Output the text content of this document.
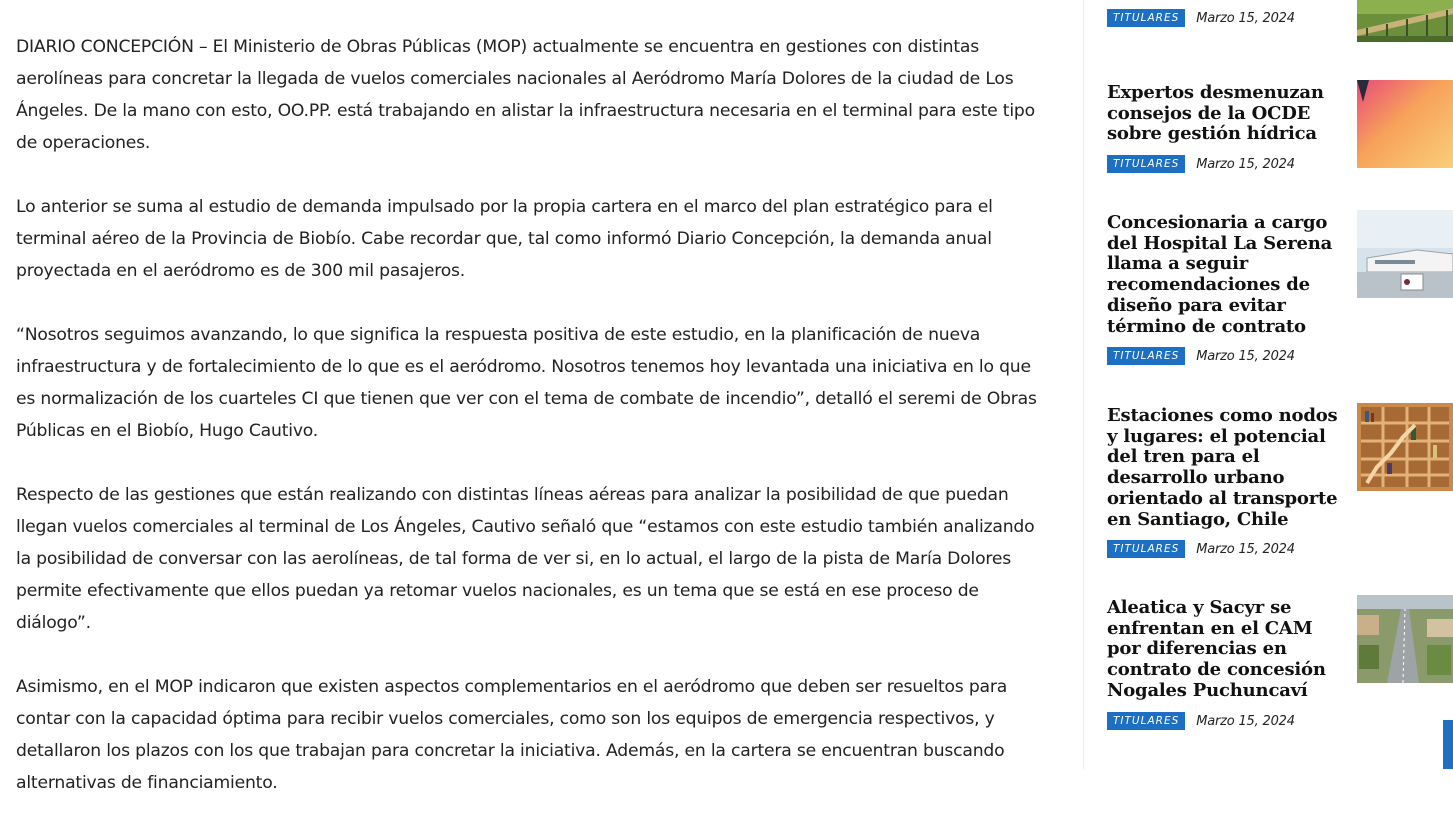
DIARIO CONCEPCIÓN – El Ministerio de Obras Públicas (MOP) actualmente se encuentra en gestiones con distintas aerolíneas para concretar la llegada de vuelos comerciales nacionales al Aeródromo María Dolores de la ciudad de Los Ángeles. De la mano con esto, OO.PP. está trabajando en alistar la infraestructura necesaria en el terminal para este tipo de operaciones.

Lo anterior se suma al estudio de demanda impulsado por la propia cartera en el marco del plan estratégico para el terminal aéreo de la Provincia de Biobío. Cabe recordar que, tal como informó Diario Concepción, la demanda anual proyectada en el aeródromo es de 300 mil pasajeros.

“Nosotros seguimos avanzando, lo que significa la respuesta positiva de este estudio, en la planificación de nueva infraestructura y de fortalecimiento de lo que es el aeródromo. Nosotros tenemos hoy levantada una iniciativa en lo que es normalización de los cuarteles CI que tienen que ver con el tema de combate de incendio”, detalló el seremi de Obras Públicas en el Biobío, Hugo Cautivo.

Respecto de las gestiones que están realizando con distintas líneas aéreas para analizar la posibilidad de que puedan llegan vuelos comerciales al terminal de Los Ángeles, Cautivo señaló que “estamos con este estudio también analizando la posibilidad de conversar con las aerolíneas, de tal forma de ver si, en lo actual, el largo de la pista de María Dolores permite efectivamente que ellos puedan ya retomar vuelos nacionales, es un tema que se está en ese proceso de diálogo”.

Asimismo, en el MOP indicaron que existen aspectos complementarios en el aeródromo que deben ser resueltos para contar con la capacidad óptima para recibir vuelos comerciales, como son los equipos de emergencia respectivos, y detallaron los plazos con los que trabajan para concretar la iniciativa. Además, en la cartera se encuentran buscando alternativas de financiamiento.

TITULARES	Marzo 15, 2024
Expertos desmenuzan consejos de la OCDE sobre gestión hídrica
TITULARES	Marzo 15, 2024
Concesionaria a cargo del Hospital La Serena llama a seguir recomendaciones de diseño para evitar término de contrato
TITULARES	Marzo 15, 2024
Estaciones como nodos y lugares: el potencial del tren para el desarrollo urbano orientado al transporte en Santiago, Chile
TITULARES	Marzo 15, 2024
Aleatica y Sacyr se enfrentan en el CAM por diferencias en contrato de concesión Nogales Puchuncaví
TITULARES	Marzo 15, 2024
